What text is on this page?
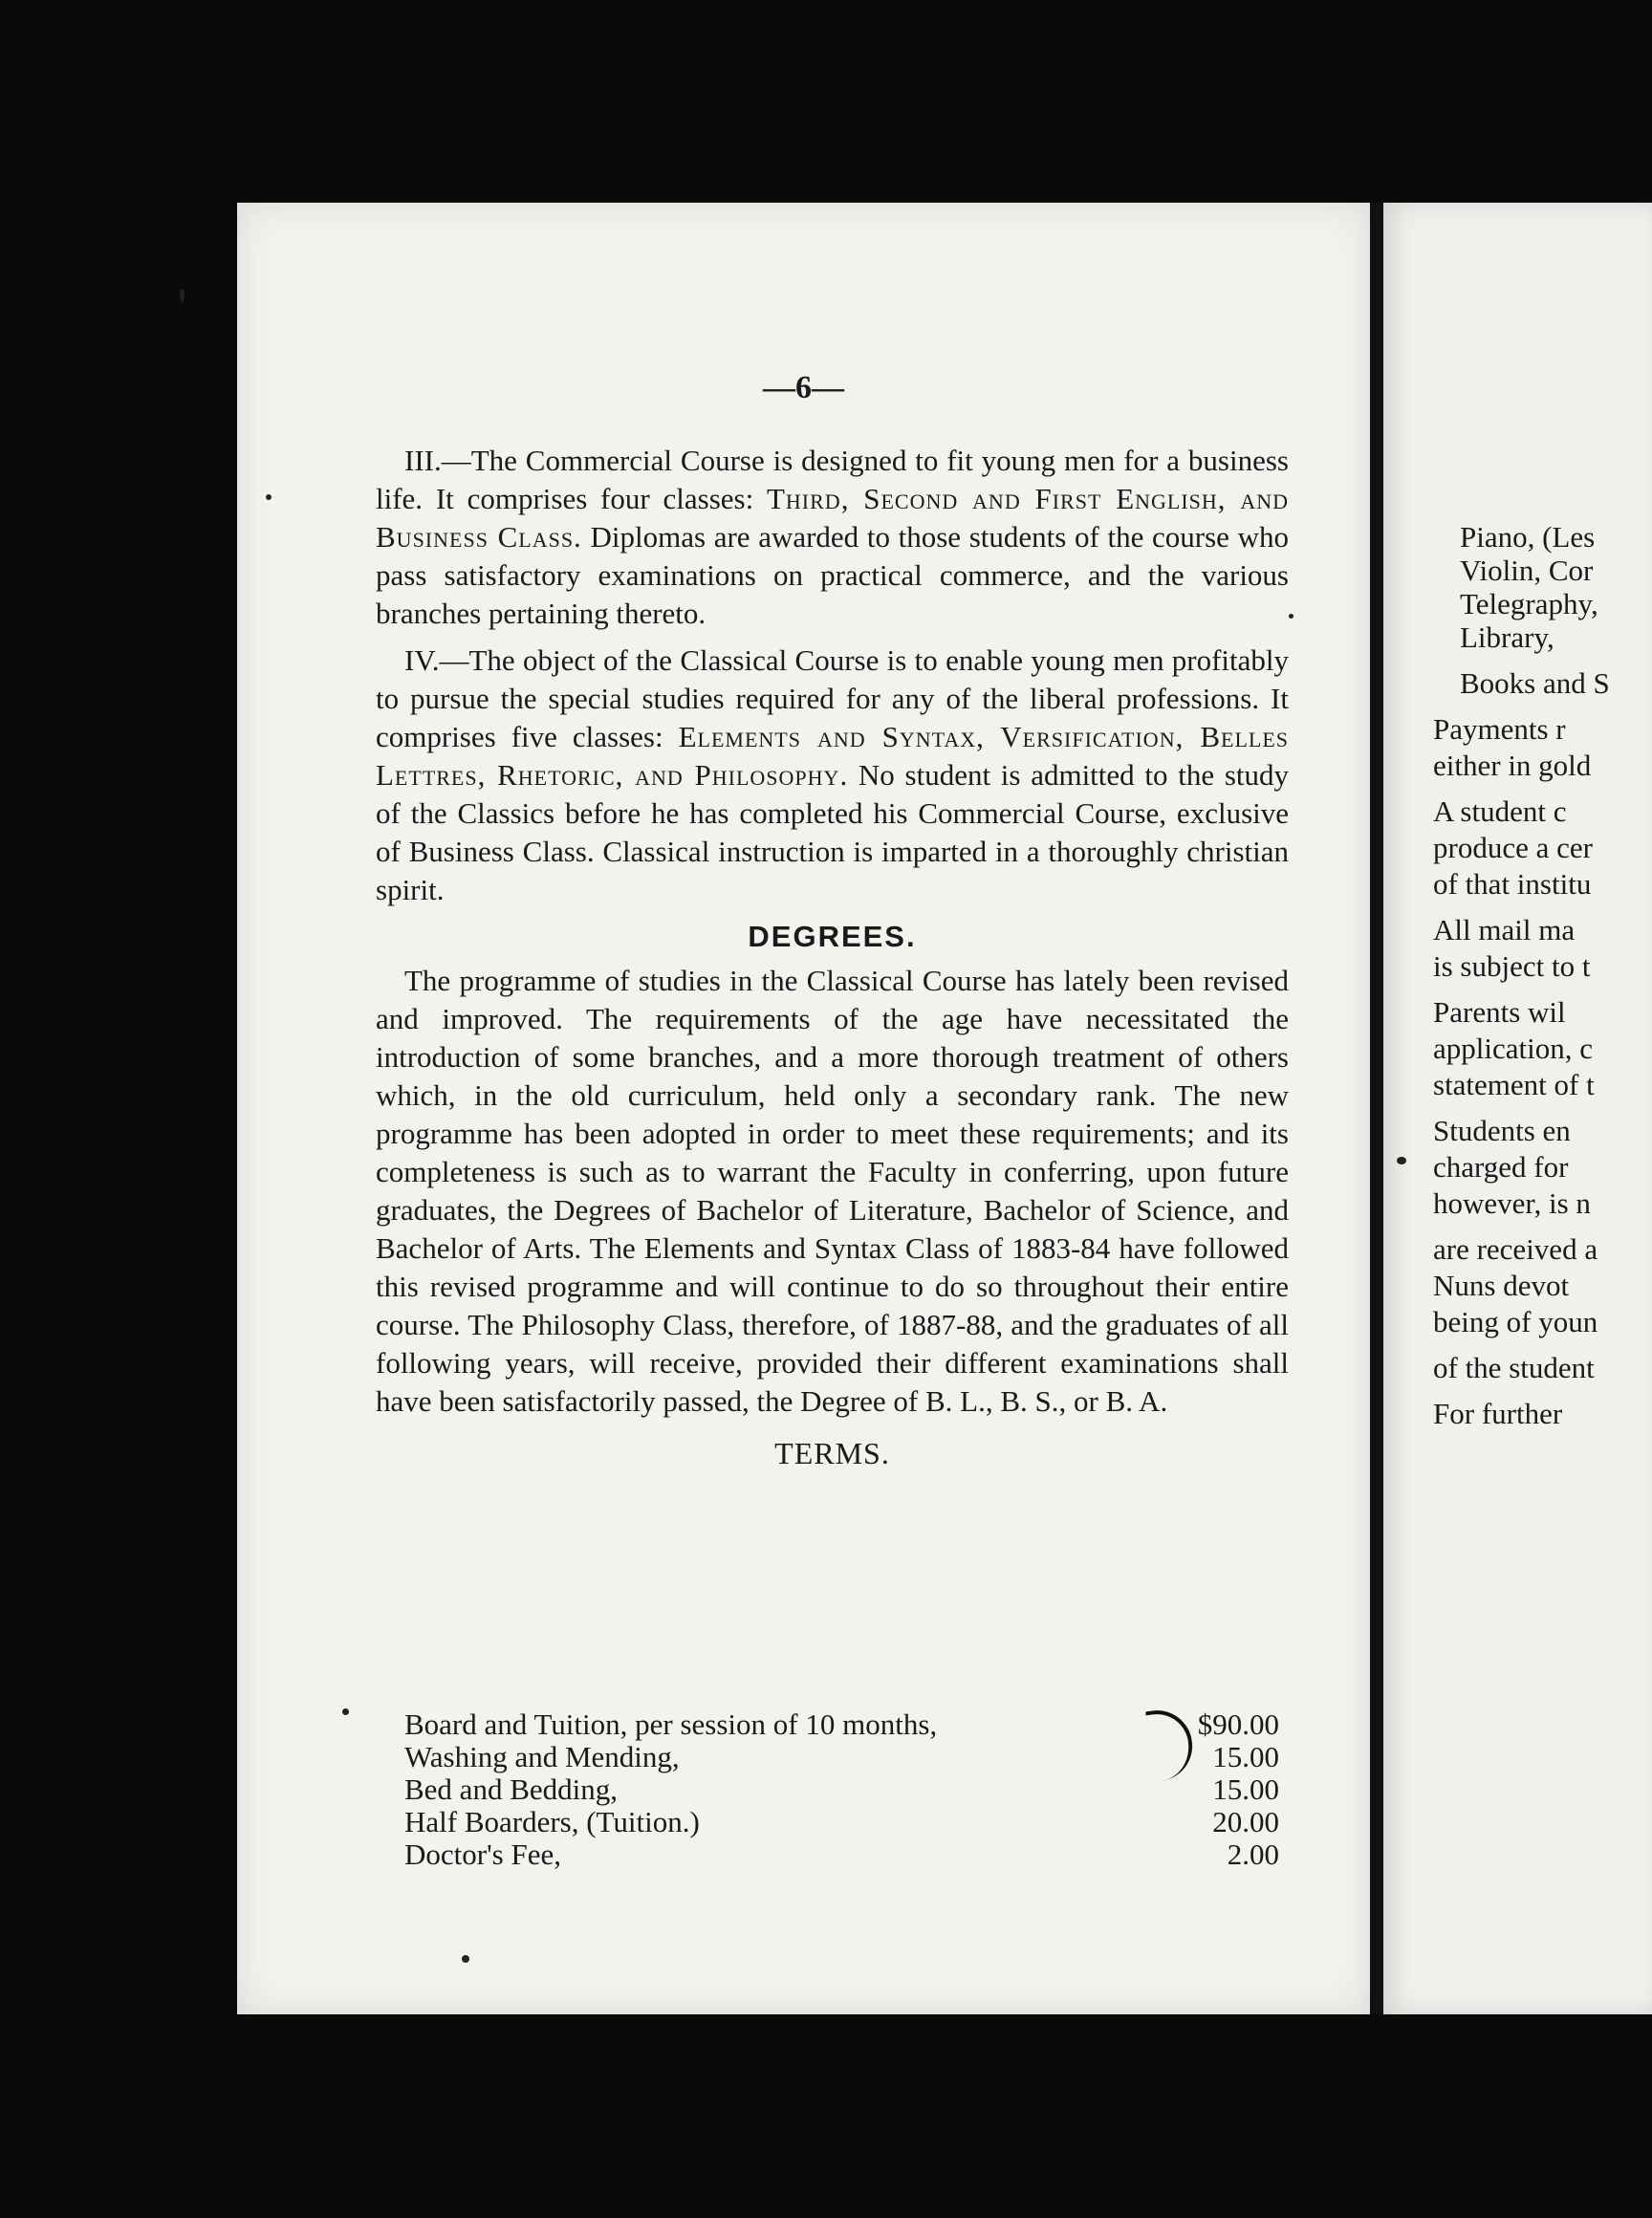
—6—

III.—The Commercial Course is designed to fit young men for a business life. It comprises four classes: Third, Second and First English, and Business Class. Diplomas are awarded to those students of the course who pass satisfactory examinations on practical commerce, and the various branches pertaining thereto.

IV.—The object of the Classical Course is to enable young men profitably to pursue the special studies required for any of the liberal professions. It comprises five classes: Elements and Syntax, Versification, Belles Lettres, Rhetoric, and Philosophy. No student is admitted to the study of the Classics before he has completed his Commercial Course, exclusive of Business Class. Classical instruction is imparted in a thoroughly christian spirit.

DEGREES.

The programme of studies in the Classical Course has lately been revised and improved. The requirements of the age have necessitated the introduction of some branches, and a more thorough treatment of others which, in the old curriculum, held only a secondary rank. The new programme has been adopted in order to meet these requirements; and its completeness is such as to warrant the Faculty in conferring, upon future graduates, the Degrees of Bachelor of Literature, Bachelor of Science, and Bachelor of Arts. The Elements and Syntax Class of 1883-84 have followed this revised programme and will continue to do so throughout their entire course. The Philosophy Class, therefore, of 1887-88, and the graduates of all following years, will receive, provided their different examinations shall have been satisfactorily passed, the Degree of B. L., B. S., or B. A.

TERMS.
Board and Tuition, per session of 10 months,	$90.00
Washing and Mending,	15.00
Bed and Bedding,	15.00
Half Boarders, (Tuition.)	20.00
Doctor's Fee,	2.00
Piano, (Les
Violin, Cor
Telegraphy,
Library,
Books and S
Payments r
either in gold
A student c
produce a cer
of that institu
All mail ma
is subject to t
Parents wil
application, c
statement of t
Students en
charged for
however, is n
are received a
Nuns devot
being of youn
of the student
For further
